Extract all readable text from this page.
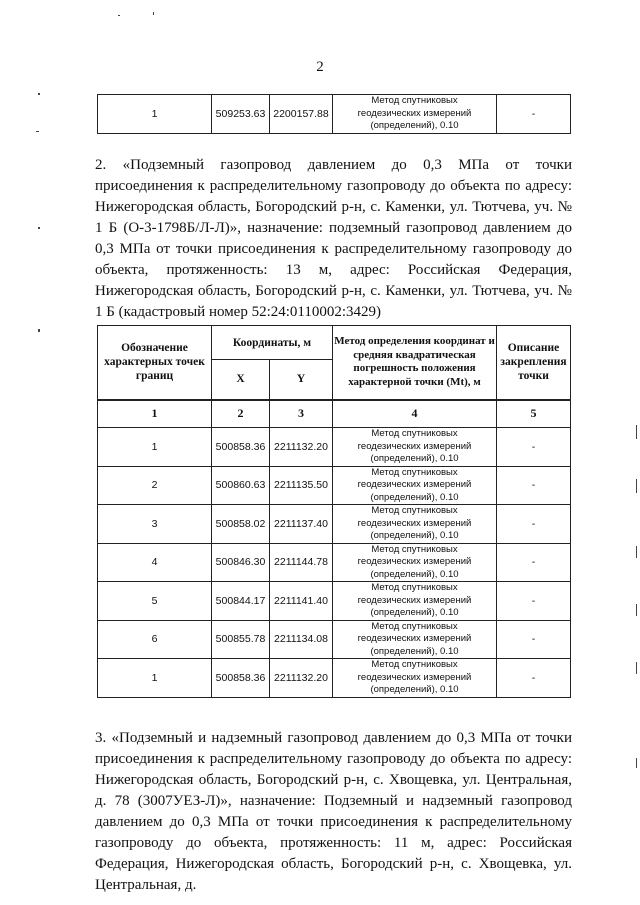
2
1	509253.63	2200157.88	
Метод спутниковых
геодезических измерений
(определений), 0.10
	-

2. «Подземный газопровод давлением до 0,3 МПа от точки присоединения к распределительному газопроводу до объекта по адресу: Нижегородская область, Богородский р-н, с. Каменки, ул. Тютчева, уч. № 1 Б (О-3-1798Б/Л-Л)», назначение: подземный газопровод давлением до 0,3 МПа от точки присоединения к распределительному газопроводу до объекта, протяженность: 13 м, адрес: Российская Федерация, Нижегородская область, Богородский р-н, с. Каменки, ул. Тютчева, уч. № 1 Б (кадастровый номер 52:24:0110002:3429)

Обозначение характерных точек границ	Координаты, м		Метод определения координат и средняя квадратическая погрешность положения характерной точки (Mt), м	Описание закрепления точки
	X	Y		
1	2	3	4	5
1	500858.36	2211132.20	Метод спутниковых
геодезических измерений
(определений), 0.10	-
2	500860.63	2211135.50	Метод спутниковых
геодезических измерений
(определений), 0.10	-
3	500858.02	2211137.40	Метод спутниковых
геодезических измерений
(определений), 0.10	-
4	500846.30	2211144.78	Метод спутниковых
геодезических измерений
(определений), 0.10	-
5	500844.17	2211141.40	Метод спутниковых
геодезических измерений
(определений), 0.10	-
6	500855.78	2211134.08	Метод спутниковых
геодезических измерений
(определений), 0.10	-
1	500858.36	2211132.20	Метод спутниковых
геодезических измерений
(определений), 0.10	-

3. «Подземный и надземный газопровод давлением до 0,3 МПа от точки присоединения к распределительному газопроводу до объекта по адресу: Нижегородская область, Богородский р-н, с. Хвощевка, ул. Центральная, д. 78 (3007УЕЗ-Л)», назначение: Подземный и надземный газопровод давлением до 0,3 МПа от точки присоединения к распределительному газопроводу до объекта, протяженность: 11 м, адрес: Российская Федерация, Нижегородская область, Богородский р-н, с. Хвощевка, ул. Центральная, д.
